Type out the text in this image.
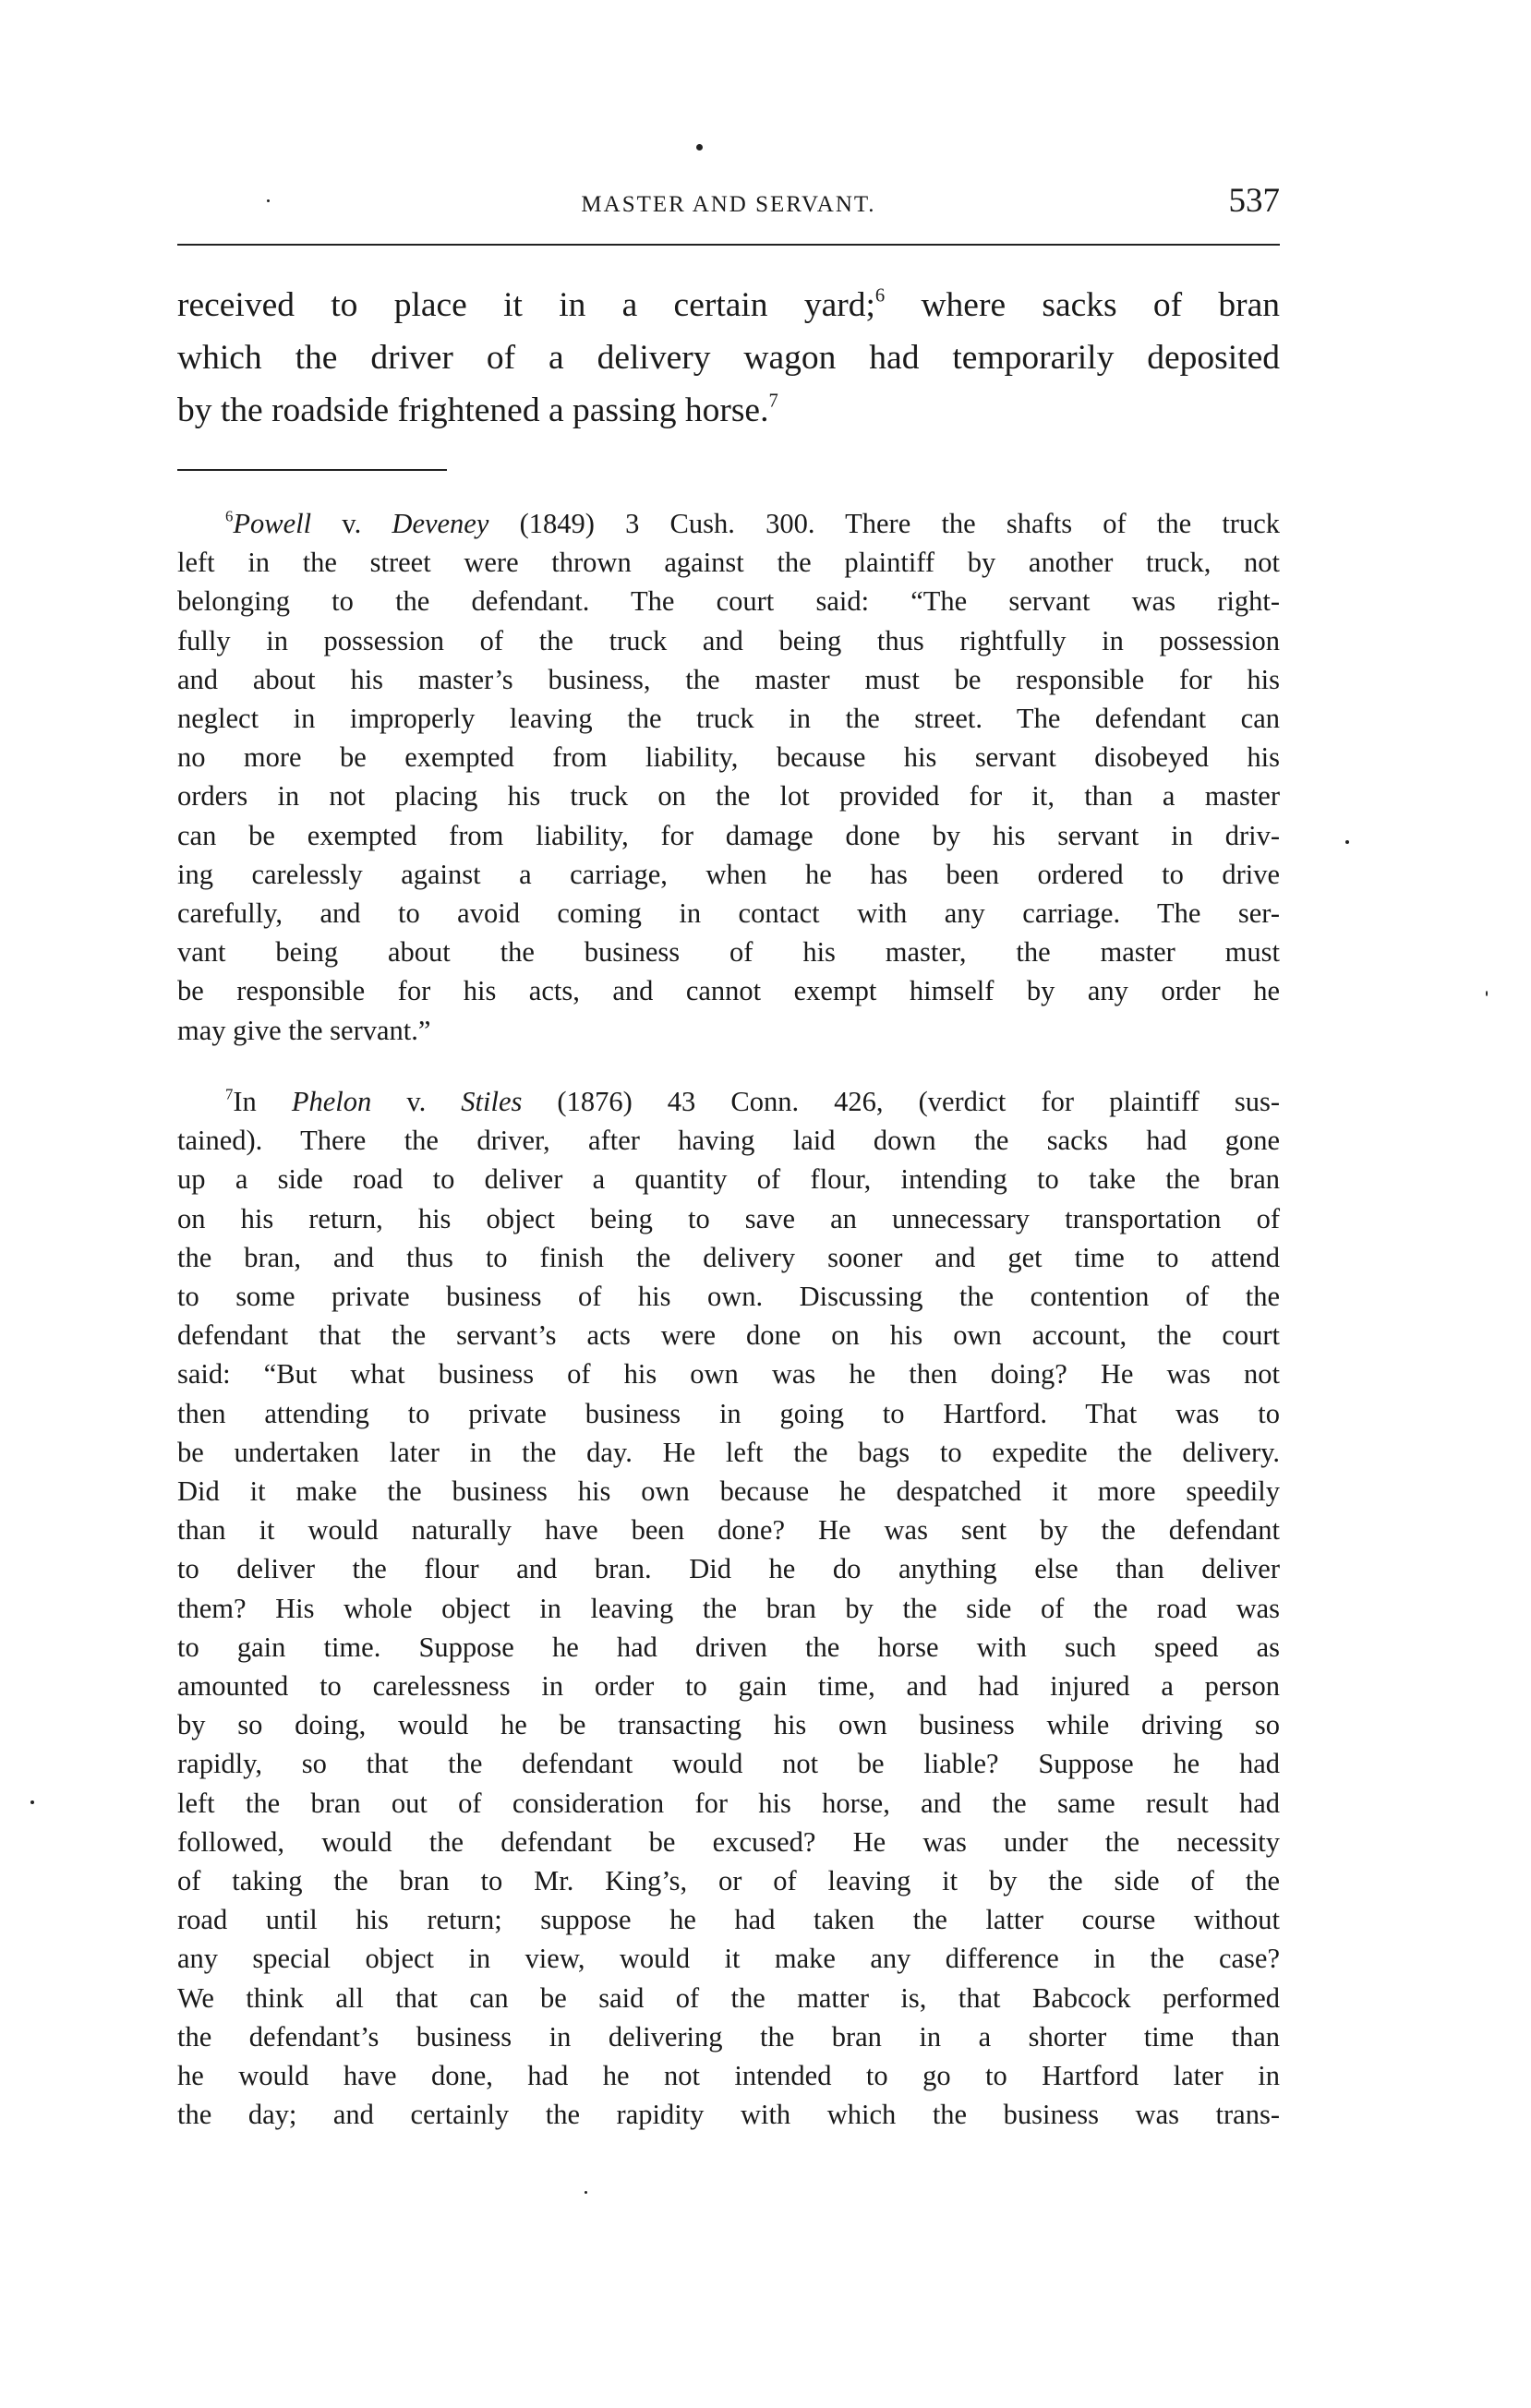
MASTER AND SERVANT.	537
received to place it in a certain yard;$^6$ where sacks of bran
which the driver of a delivery wagon had temporarily deposited
by the roadside frightened a passing horse.$^7$
$^6$Powell v. Deveney (1849) 3 Cush. 300. There the shafts of the truck
left in the street were thrown against the plaintiff by another truck, not
belonging to the defendant. The court said: “The servant was right-
fully in possession of the truck and being thus rightfully in possession
and about his master’s business, the master must be responsible for his
neglect in improperly leaving the truck in the street. The defendant can
no more be exempted from liability, because his servant disobeyed his
orders in not placing his truck on the lot provided for it, than a master
can be exempted from liability, for damage done by his servant in driv-
ing carelessly against a carriage, when he has been ordered to drive
carefully, and to avoid coming in contact with any carriage. The ser-
vant being about the business of his master, the master must
be responsible for his acts, and cannot exempt himself by any order he
may give the servant.”
$^7$In Phelon v. Stiles (1876) 43 Conn. 426, (verdict for plaintiff sus-
tained). There the driver, after having laid down the sacks had gone
up a side road to deliver a quantity of flour, intending to take the bran
on his return, his object being to save an unnecessary transportation of
the bran, and thus to finish the delivery sooner and get time to attend
to some private business of his own. Discussing the contention of the
defendant that the servant’s acts were done on his own account, the court
said: “But what business of his own was he then doing? He was not
then attending to private business in going to Hartford. That was to
be undertaken later in the day. He left the bags to expedite the delivery.
Did it make the business his own because he despatched it more speedily
than it would naturally have been done? He was sent by the defendant
to deliver the flour and bran. Did he do anything else than deliver
them? His whole object in leaving the bran by the side of the road was
to gain time. Suppose he had driven the horse with such speed as
amounted to carelessness in order to gain time, and had injured a person
by so doing, would he be transacting his own business while driving so
rapidly, so that the defendant would not be liable? Suppose he had
left the bran out of consideration for his horse, and the same result had
followed, would the defendant be excused? He was under the necessity
of taking the bran to Mr. King’s, or of leaving it by the side of the
road until his return; suppose he had taken the latter course without
any special object in view, would it make any difference in the case?
We think all that can be said of the matter is, that Babcock performed
the defendant’s business in delivering the bran in a shorter time than
he would have done, had he not intended to go to Hartford later in
the day; and certainly the rapidity with which the business was trans-
